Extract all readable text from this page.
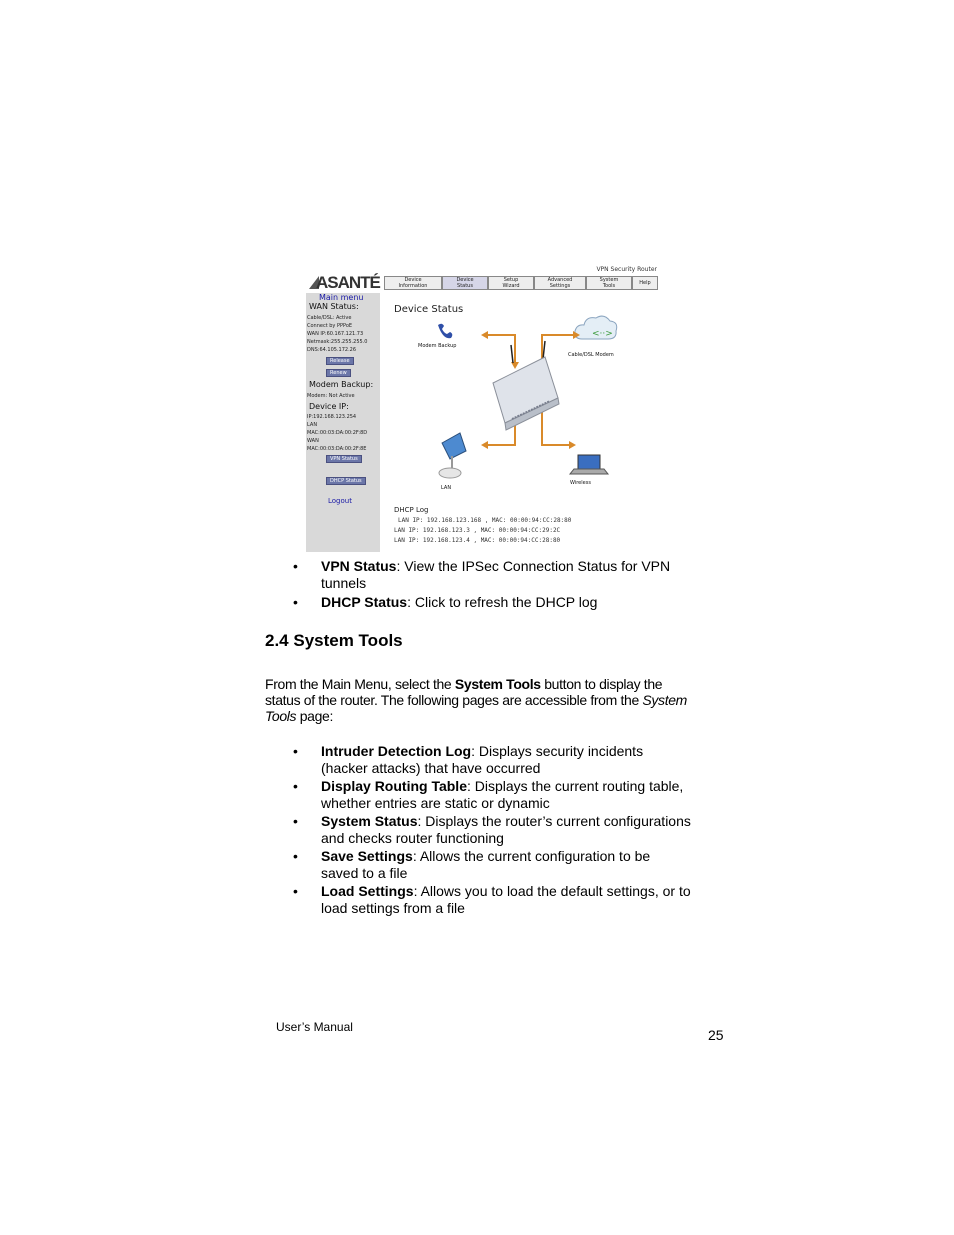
ASANTÉ
VPN Security Router
Device
Information
Device
Status
Setup
Wizard
Advanced
Settings
System
Tools	Help
Main menu
WAN Status:
Cable/DSL: Active
Connect by PPPoE
WAN IP:60.167.121.73
Netmask:255.255.255.0
DNS:64.105.172.26
Release
Renew
Modem Backup:
Modem: Not Active
Device IP:
IP:192.168.123.254
LAN
MAC:00:03:DA:00:2F:8D
WAN
MAC:00:03:DA:00:2F:8E
VPN Status
DHCP Status
Logout
Device Status
<··>
Modem Backup
Cable/DSL Modem
LAN
Wireless
DHCP Log
LAN IP: 192.168.123.168 , MAC: 00:00:94:CC:28:80
LAN IP: 192.168.123.3 , MAC: 00:00:94:CC:29:2C
LAN IP: 192.168.123.4 , MAC: 00:00:94:CC:28:80
• VPN Status: View the IPSec Connection Status for VPN tunnels
• DHCP Status: Click to refresh the DHCP log
2.4 System Tools
From the Main Menu, select the System Tools button to display the status of the router. The following pages are accessible from the System Tools page:
• Intruder Detection Log: Displays security incidents (hacker attacks) that have occurred
• Display Routing Table: Displays the current routing table, whether entries are static or dynamic
• System Status: Displays the router’s current configurations and checks router functioning
• Save Settings: Allows the current configuration to be saved to a file
• Load Settings: Allows you to load the default settings, or to load settings from a file
User’s Manual	25
